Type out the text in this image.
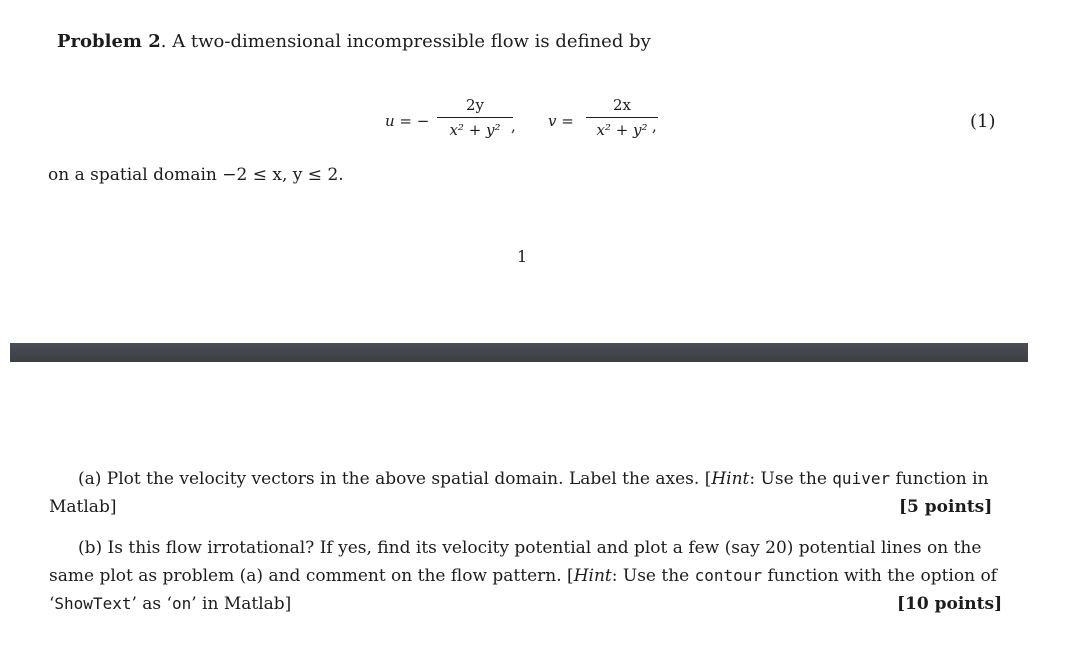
Problem 2. A two-dimensional incompressible flow is defined by
u = −
2y
x² + y² , v =
2x
x² + y² ,	(1)
on a spatial domain −2 ≤ x, y ≤ 2.
1
(a) Plot the velocity vectors in the above spatial domain. Label the axes. [Hint: Use the quiver function in
Matlab]	[5 points]
(b) Is this flow irrotational? If yes, find its velocity potential and plot a few (say 20) potential lines on the
same plot as problem (a) and comment on the flow pattern. [Hint: Use the contour function with the option of
‘ShowText’ as ‘on’ in Matlab]	[10 points]
